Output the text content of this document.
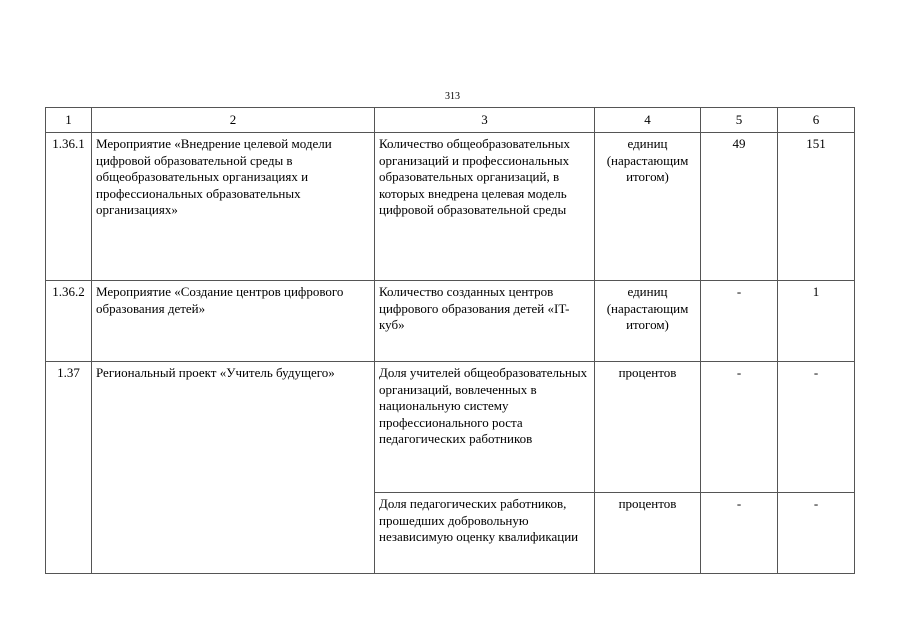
313
1	2	3	4	5	6
1.36.1	Мероприятие «Внедрение целевой модели цифровой образовательной среды в общеобразовательных организациях и профессиональных образовательных организациях»	Количество общеобразовательных организаций и профессиональных образовательных организаций, в которых внедрена целевая модель цифровой образовательной среды	единиц (нарастающим итогом)	49	151
1.36.2	Мероприятие «Создание центров цифрового образования детей»	Количество созданных центров цифрового образования детей «IT-куб»	единиц (нарастающим итогом)	-	1
1.37	Региональный проект «Учитель будущего»	Доля учителей общеобразовательных организаций, вовлеченных в национальную систему профессионального роста педагогических работников	процентов	-	-
		Доля педагогических работников, прошедших добровольную независимую оценку квалификации	процентов	-	-
